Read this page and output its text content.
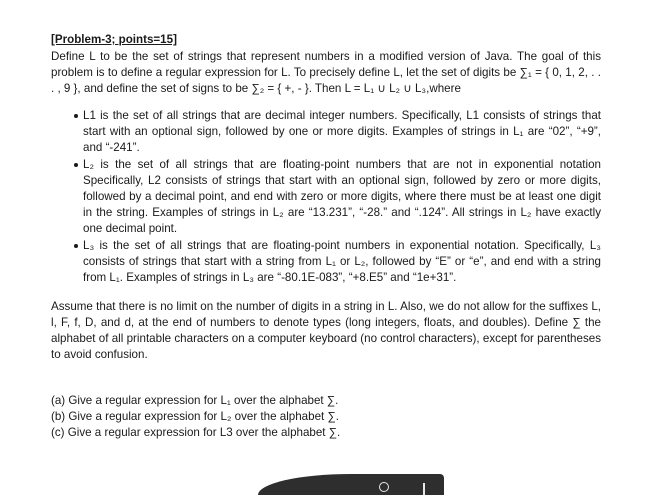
[Problem-3; points=15]

Define L to be the set of strings that represent numbers in a modified version of Java. The goal of this problem is to define a regular expression for L. To precisely define L, let the set of digits be ∑₁ = { 0, 1, 2, . . . , 9 }, and define the set of signs to be ∑₂ = { +, - }. Then L = L₁ ∪ L₂ ∪ L₃,where

L1 is the set of all strings that are decimal integer numbers. Specifically, L1 consists of strings that start with an optional sign, followed by one or more digits. Examples of strings in L₁ are “02”, “+9”, and “-241”.
L₂ is the set of all strings that are floating-point numbers that are not in exponential notation Specifically, L2 consists of strings that start with an optional sign, followed by zero or more digits, followed by a decimal point, and end with zero or more digits, where there must be at least one digit in the string. Examples of strings in L₂ are “13.231”, “-28.” and “.124”. All strings in L₂ have exactly one decimal point.
L₃ is the set of all strings that are floating-point numbers in exponential notation. Specifically, L₃ consists of strings that start with a string from L₁ or L₂, followed by “E” or “e”, and end with a string from L₁. Examples of strings in L₃ are “-80.1E-083”, “+8.E5” and “1e+31”.

Assume that there is no limit on the number of digits in a string in L. Also, we do not allow for the suffixes L, l, F, f, D, and d, at the end of numbers to denote types (long integers, floats, and doubles). Define ∑ the alphabet of all printable characters on a computer keyboard (no control characters), except for parentheses to avoid confusion.

(a) Give a regular expression for L₁ over the alphabet ∑.

(b) Give a regular expression for L₂ over the alphabet ∑.

(c) Give a regular expression for L3 over the alphabet ∑.
